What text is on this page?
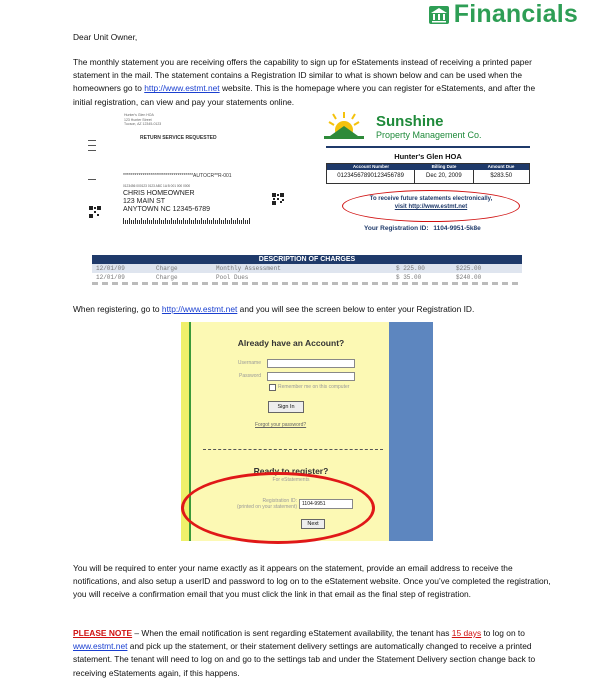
Financials
Dear Unit Owner,
The monthly statement you are receiving offers the capability to sign up for eStatements instead of receiving a printed paper statement in the mail. The statement contains a Registration ID similar to what is shown below and can be used when the homeowners go to http://www.estmt.net website. This is the homepage where you can register for eStatements, and after the initial registration, can view and pay your statements online.
Hunter's Glen HOA
123 Hunter Street
Tucson, AZ 12345-0123
RETURN SERVICE REQUESTED
************************************AUTOCR**R-001
0123456 000123 0123 ABC 1A B 001 000 0000
CHRIS HOMEOWNER
123 MAIN ST
ANYTOWN NC 12345-6789
Sunshine
Property Management Co.
Hunter's Glen HOA
Account Number	Billing Date	Amount Due
01234567890123456789	Dec 20, 2009	$283.50
To receive future statements electronically,
visit http://www.estmt.net
Your Registration ID: 1104-9951-5k8e
DESCRIPTION OF CHARGES
12/01/09	Charge	Monthly Assessment	$ 225.00	$225.00
12/01/09	Charge	Pool Dues	$ 35.00	$240.00
When registering, go to http://www.estmt.net and you will see the screen below to enter your Registration ID.
Already have an Account?
Username
Password
Remember me on this computer
Sign In
Forgot your password?
Ready to register?
For eStatements
Registration ID:
(printed on your statement)	1104-9951
Next
You will be required to enter your name exactly as it appears on the statement, provide an email address to receive the notifications, and also setup a userID and password to log on to the eStatement website. Once you’ve completed the registration, you will receive a confirmation email that you must click the link in that email as the final step of registration.
PLEASE NOTE – When the email notification is sent regarding eStatement availability, the tenant has 15 days to log on to www.estmt.net and pick up the statement, or their statement delivery settings are automatically changed to receive a printed statement. The tenant will need to log on and go to the settings tab and under the Statement Delivery section change back to receiving eStatements again, if this happens.
